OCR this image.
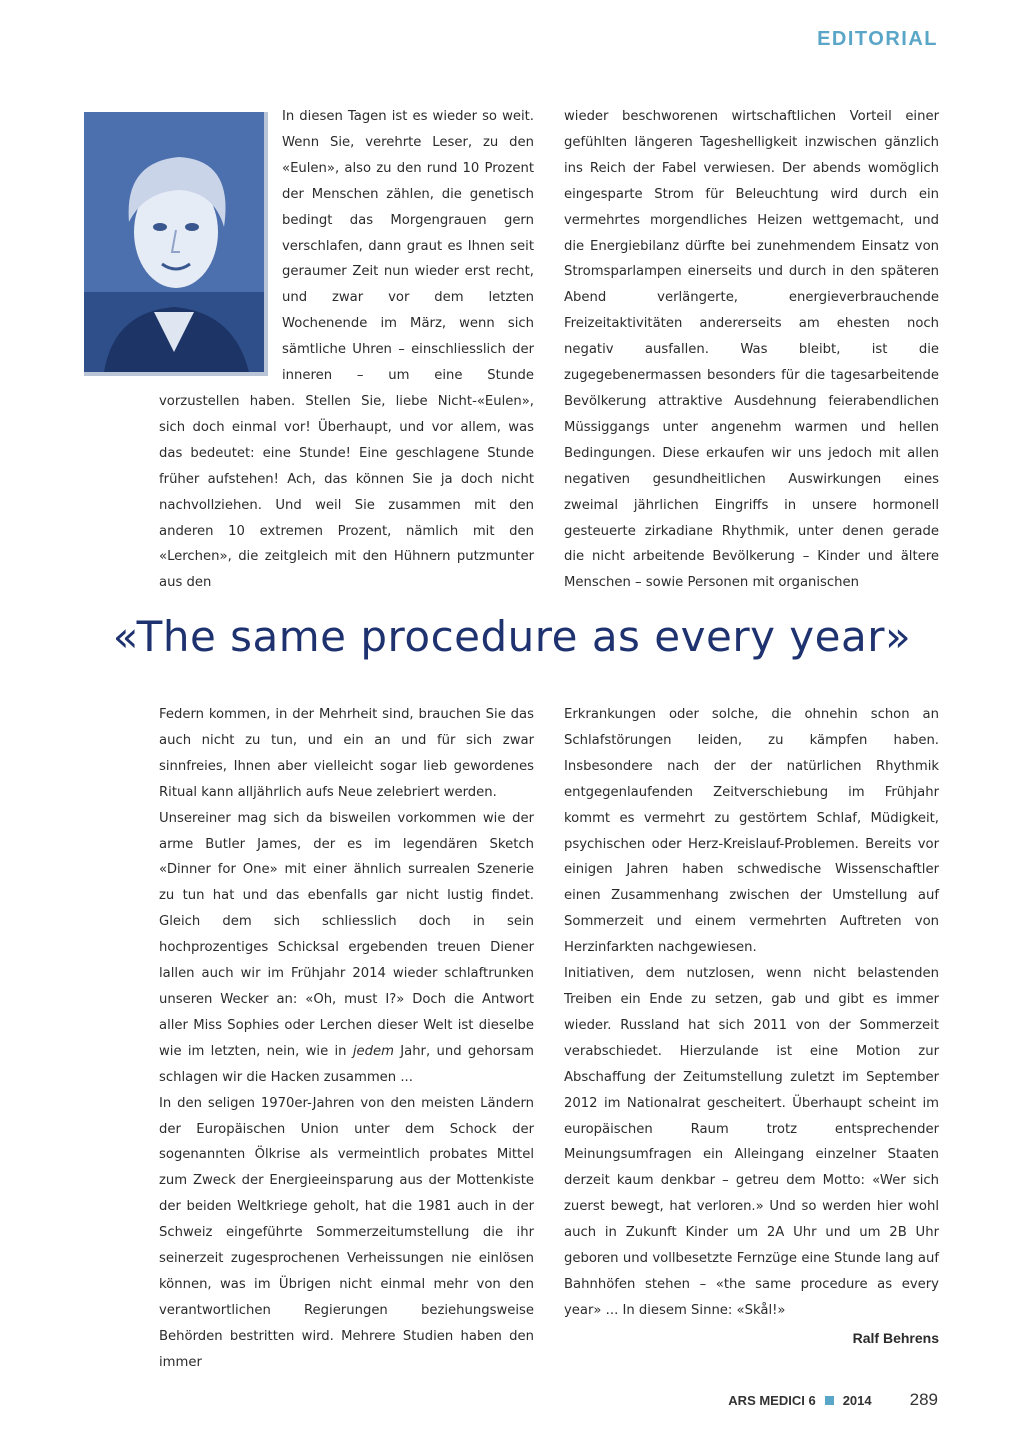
EDITORIAL

In diesen Tagen ist es wieder so weit. Wenn Sie, verehrte Leser, zu den «Eulen», also zu den rund 10 Prozent der Menschen zählen, die genetisch bedingt das Morgengrauen gern verschlafen, dann graut es Ihnen seit geraumer Zeit nun wieder erst recht, und zwar vor dem letzten Wochenende im März, wenn sich sämtliche Uhren – einschliesslich der inneren – um eine Stunde vorzustellen haben. Stellen Sie, liebe Nicht-«Eulen», sich doch einmal vor! Überhaupt, und vor allem, was das bedeutet: eine Stunde! Eine geschlagene Stunde früher aufstehen! Ach, das können Sie ja doch nicht nachvollziehen. Und weil Sie zusammen mit den anderen 10 extremen Prozent, nämlich mit den «Lerchen», die zeitgleich mit den Hühnern putzmunter aus den

wieder beschworenen wirtschaftlichen Vorteil einer gefühlten längeren Tageshelligkeit inzwischen gänzlich ins Reich der Fabel verwiesen. Der abends womöglich eingesparte Strom für Beleuchtung wird durch ein vermehrtes morgendliches Heizen wettgemacht, und die Energiebilanz dürfte bei zunehmendem Einsatz von Stromsparlampen einerseits und durch in den späteren Abend verlängerte, energieverbrauchende Freizeitaktivitäten andererseits am ehesten noch negativ ausfallen. Was bleibt, ist die zugegebenermassen besonders für die tagesarbeitende Bevölkerung attraktive Ausdehnung feierabendlichen Müssiggangs unter angenehm warmen und hellen Bedingungen. Diese erkaufen wir uns jedoch mit allen negativen gesundheitlichen Auswirkungen eines zweimal jährlichen Eingriffs in unsere hormonell gesteuerte zirkadiane Rhythmik, unter denen gerade die nicht arbeitende Bevölkerung – Kinder und ältere Menschen – sowie Personen mit organischen

«The same procedure as every year»

Federn kommen, in der Mehrheit sind, brauchen Sie das auch nicht zu tun, und ein an und für sich zwar sinnfreies, Ihnen aber vielleicht sogar lieb gewordenes Ritual kann alljährlich aufs Neue zelebriert werden.

Unsereiner mag sich da bisweilen vorkommen wie der arme Butler James, der es im legendären Sketch «Dinner for One» mit einer ähnlich surrealen Szenerie zu tun hat und das ebenfalls gar nicht lustig findet. Gleich dem sich schliesslich doch in sein hochprozentiges Schicksal ergebenden treuen Diener lallen auch wir im Frühjahr 2014 wieder schlaftrunken unseren Wecker an: «Oh, must I?» Doch die Antwort aller Miss Sophies oder Lerchen dieser Welt ist dieselbe wie im letzten, nein, wie in jedem Jahr, und gehorsam schlagen wir die Hacken zusammen ...

In den seligen 1970er-Jahren von den meisten Ländern der Europäischen Union unter dem Schock der sogenannten Ölkrise als vermeintlich probates Mittel zum Zweck der Energieeinsparung aus der Mottenkiste der beiden Weltkriege geholt, hat die 1981 auch in der Schweiz eingeführte Sommerzeitumstellung die ihr seinerzeit zugesprochenen Verheissungen nie einlösen können, was im Übrigen nicht einmal mehr von den verantwortlichen Regierungen beziehungsweise Behörden bestritten wird. Mehrere Studien haben den immer

Erkrankungen oder solche, die ohnehin schon an Schlafstörungen leiden, zu kämpfen haben. Insbesondere nach der der natürlichen Rhythmik entgegenlaufenden Zeitverschiebung im Frühjahr kommt es vermehrt zu gestörtem Schlaf, Müdigkeit, psychischen oder Herz-Kreislauf-Problemen. Bereits vor einigen Jahren haben schwedische Wissenschaftler einen Zusammenhang zwischen der Umstellung auf Sommerzeit und einem vermehrten Auftreten von Herzinfarkten nachgewiesen.

Initiativen, dem nutzlosen, wenn nicht belastenden Treiben ein Ende zu setzen, gab und gibt es immer wieder. Russland hat sich 2011 von der Sommerzeit verabschiedet. Hierzulande ist eine Motion zur Abschaffung der Zeitumstellung zuletzt im September 2012 im Nationalrat gescheitert. Überhaupt scheint im europäischen Raum trotz entsprechender Meinungsumfragen ein Alleingang einzelner Staaten derzeit kaum denkbar – getreu dem Motto: «Wer sich zuerst bewegt, hat verloren.» Und so werden hier wohl auch in Zukunft Kinder um 2A Uhr und um 2B Uhr geboren und vollbesetzte Fernzüge eine Stunde lang auf Bahnhöfen stehen – «the same procedure as every year» ... In diesem Sinne: «Skål!»

Ralf Behrens
ARS MEDICI 6 2014 289
